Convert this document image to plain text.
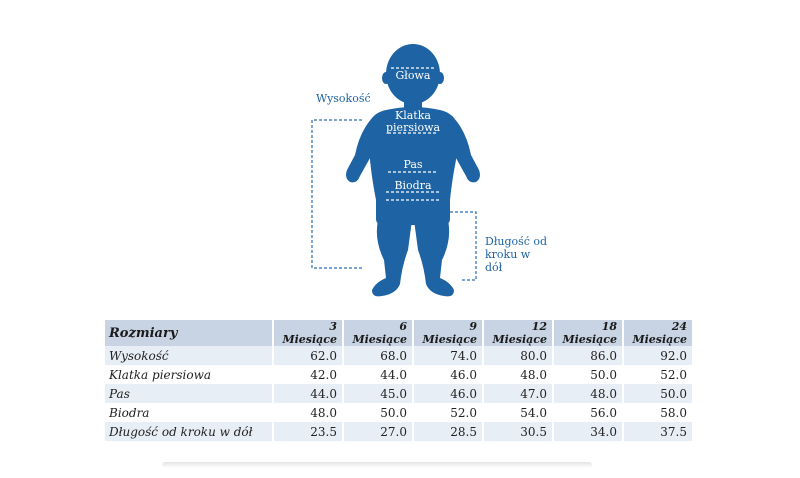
Wysokość
Głowa
Klatka
piersiowa
Pas
Biodra
Długość od
kroku w dół
Rozmiary	3 Miesiące	6 Miesiące	9 Miesiące	12 Miesiące	18 Miesiące	24 Miesiące
Wysokość	62.0	68.0	74.0	80.0	86.0	92.0
Klatka piersiowa	42.0	44.0	46.0	48.0	50.0	52.0
Pas	44.0	45.0	46.0	47.0	48.0	50.0
Biodra	48.0	50.0	52.0	54.0	56.0	58.0
Długość od kroku w dół	23.5	27.0	28.5	30.5	34.0	37.5
